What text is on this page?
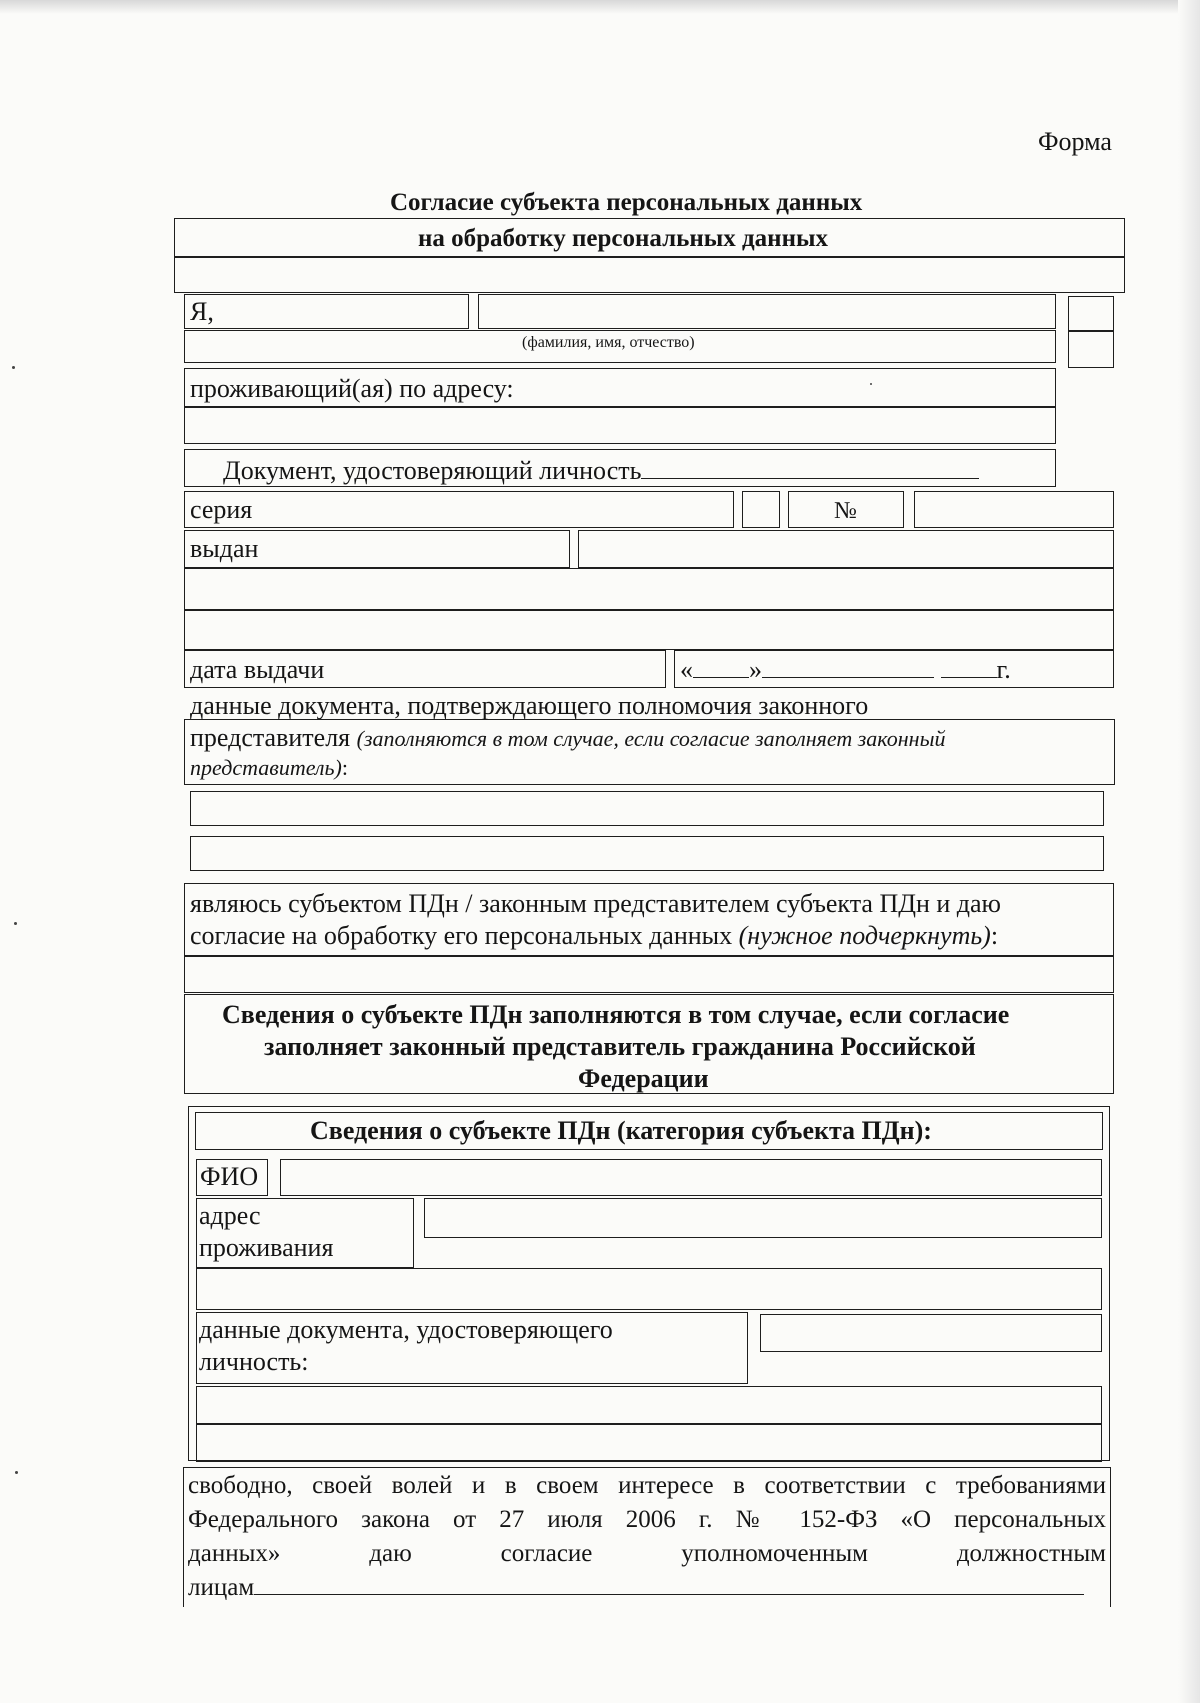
Форма
Согласие субъекта персональных данных
на обработку персональных данных
Я,
(фамилия, имя, отчество)
проживающий(ая) по адресу:
Документ, удостоверяющий личность
серия	№
выдан
дата выдачи	« »	г.
данные документа, подтверждающего полномочия законного
представителя (заполняются в том случае, если согласие заполняет законный
представитель):
являюсь субъектом ПДн / законным представителем субъекта ПДн и даю
согласие на обработку его персональных данных (нужное подчеркнуть):
Сведения о субъекте ПДн заполняются в том случае, если согласие
заполняет законный представитель гражданина Российской
Федерации
Сведения о субъекте ПДн (категория субъекта ПДн):
ФИО
адрес
проживания
данные документа, удостоверяющего
личность:
свободно, своей волей и в своем интересе в соответствии с требованиями
Федерального закона от 27 июля 2006 г. № 152-ФЗ «О персональных
данных» даю согласие уполномоченным должностным
лицам
